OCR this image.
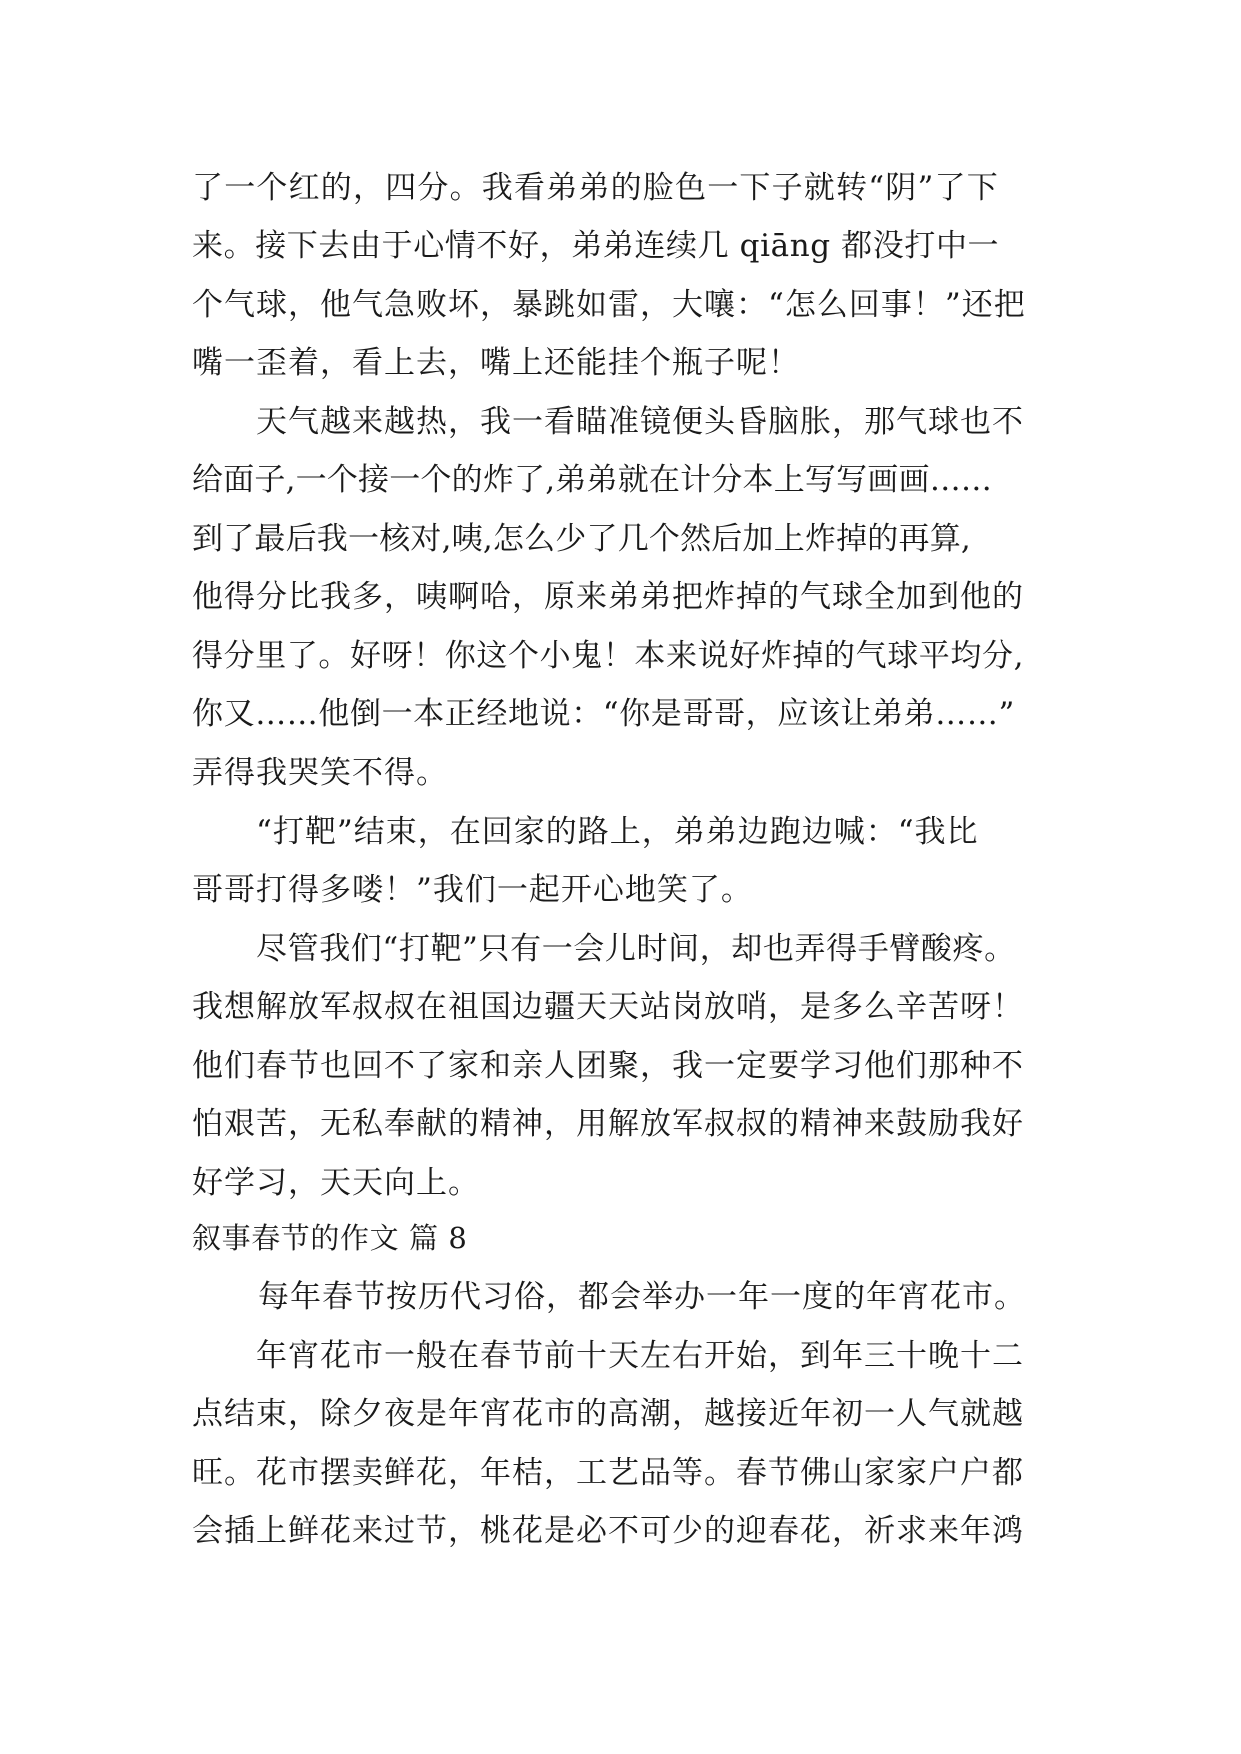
了一个红的，四分。我看弟弟的脸色一下子就转“阴”了下
来。接下去由于心情不好，弟弟连续几 qiāng 都没打中一
个气球，他气急败坏，暴跳如雷，大嚷：“怎么回事！”还把
嘴一歪着，看上去，嘴上还能挂个瓶子呢！
天气越来越热，我一看瞄准镜便头昏脑胀，那气球也不
给面子,一个接一个的炸了,弟弟就在计分本上写写画画……
到了最后我一核对,咦,怎么少了几个然后加上炸掉的再算,
他得分比我多，咦啊哈，原来弟弟把炸掉的气球全加到他的
得分里了。好呀！你这个小鬼！本来说好炸掉的气球平均分,
你又……他倒一本正经地说：“你是哥哥，应该让弟弟……”
弄得我哭笑不得。
“打靶”结束，在回家的路上，弟弟边跑边喊：“我比
哥哥打得多喽！”我们一起开心地笑了。
尽管我们“打靶”只有一会儿时间，却也弄得手臂酸疼。
我想解放军叔叔在祖国边疆天天站岗放哨，是多么辛苦呀！
他们春节也回不了家和亲人团聚，我一定要学习他们那种不
怕艰苦，无私奉献的精神，用解放军叔叔的精神来鼓励我好
好学习，天天向上。
叙事春节的作文 篇 8
每年春节按历代习俗，都会举办一年一度的年宵花市。
年宵花市一般在春节前十天左右开始，到年三十晚十二
点结束，除夕夜是年宵花市的高潮，越接近年初一人气就越
旺。花市摆卖鲜花，年桔，工艺品等。春节佛山家家户户都
会插上鲜花来过节，桃花是必不可少的迎春花，祈求来年鸿
